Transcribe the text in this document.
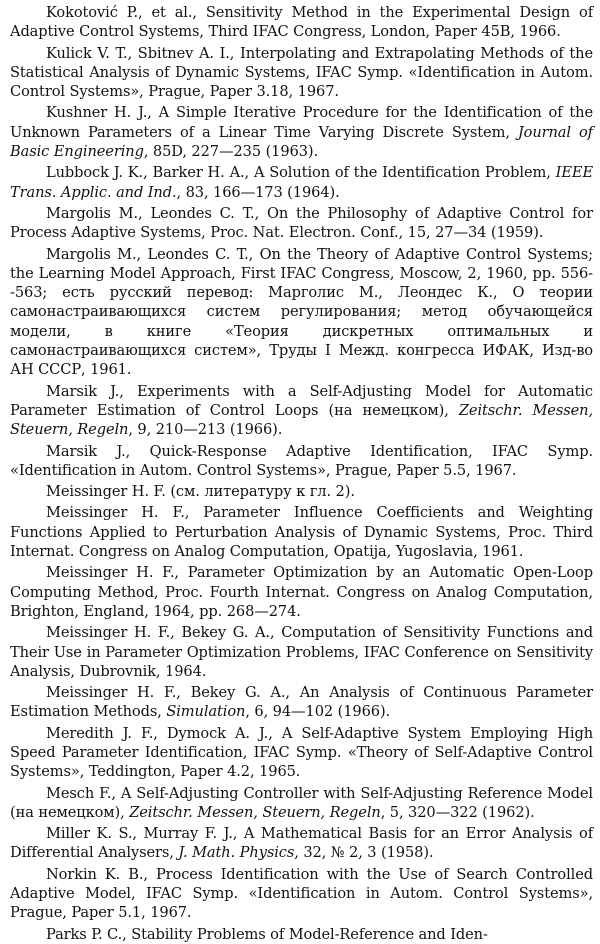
Kokotović P., et al., Sensitivity Method in the Experimental Design of Adaptive Control Systems, Third IFAC Congress, London, Paper 45B, 1966.

Kulick V. T., Sbitnev A. I., Interpolating and Extrapolating Methods of the Statistical Analysis of Dynamic Systems, IFAC Symp. «Identification in Autom. Control Systems», Prague, Paper 3.18, 1967.

Kushner H. J., A Simple Iterative Procedure for the Identification of the Unknown Parameters of a Linear Time Varying Discrete System, Journal of Basic Engineering, 85D, 227—235 (1963).

Lubbock J. K., Barker H. A., A Solution of the Identification Problem, IEEE Trans. Applic. and Ind., 83, 166—173 (1964).

Margolis M., Leondes C. T., On the Philosophy of Adaptive Control for Process Adaptive Systems, Proc. Nat. Electron. Conf., 15, 27—34 (1959).

Margolis M., Leondes C. T., On the Theory of Adaptive Control Systems; the Learning Model Approach, First IFAC Congress, Moscow, 2, 1960, pp. 556--563; есть русский перевод: Марголис М., Леондес К., О теории самонастраивающихся систем регулирования; метод обучающейся модели, в книге «Теория дискретных оптимальных и самонастраивающихся систем», Труды I Межд. конгресса ИФАК, Изд-во АН СССР, 1961.

Marsik J., Experiments with a Self-Adjusting Model for Automatic Parameter Estimation of Control Loops (на немецком), Zeitschr. Messen, Steuern, Regeln, 9, 210—213 (1966).

Marsik J., Quick-Response Adaptive Identification, IFAC Symp. «Identification in Autom. Control Systems», Prague, Paper 5.5, 1967.

Meissinger H. F. (см. литературу к гл. 2).

Meissinger H. F., Parameter Influence Coefficients and Weighting Functions Applied to Perturbation Analysis of Dynamic Systems, Proc. Third Internat. Congress on Analog Computation, Opatija, Yugoslavia, 1961.

Meissinger H. F., Parameter Optimization by an Automatic Open-Loop Computing Method, Proc. Fourth Internat. Congress on Analog Computation, Brighton, England, 1964, pp. 268—274.

Meissinger H. F., Bekey G. A., Computation of Sensitivity Functions and Their Use in Parameter Optimization Problems, IFAC Conference on Sensitivity Analysis, Dubrovnik, 1964.

Meissinger H. F., Bekey G. A., An Analysis of Continuous Parameter Estimation Methods, Simulation, 6, 94—102 (1966).

Meredith J. F., Dymock A. J., A Self-Adaptive System Employing High Speed Parameter Identification, IFAC Symp. «Theory of Self-Adaptive Control Systems», Teddington, Paper 4.2, 1965.

Mesch F., A Self-Adjusting Controller with Self-Adjusting Reference Model (на немецком), Zeitschr. Messen, Steuern, Regeln, 5, 320—322 (1962).

Miller K. S., Murray F. J., A Mathematical Basis for an Error Analysis of Differential Analysers, J. Math. Physics, 32, № 2, 3 (1958).

Norkin K. B., Process Identification with the Use of Search Controlled Adaptive Model, IFAC Symp. «Identification in Autom. Control Systems», Prague, Paper 5.1, 1967.

Parks P. C., Stability Problems of Model-Reference and Iden-
